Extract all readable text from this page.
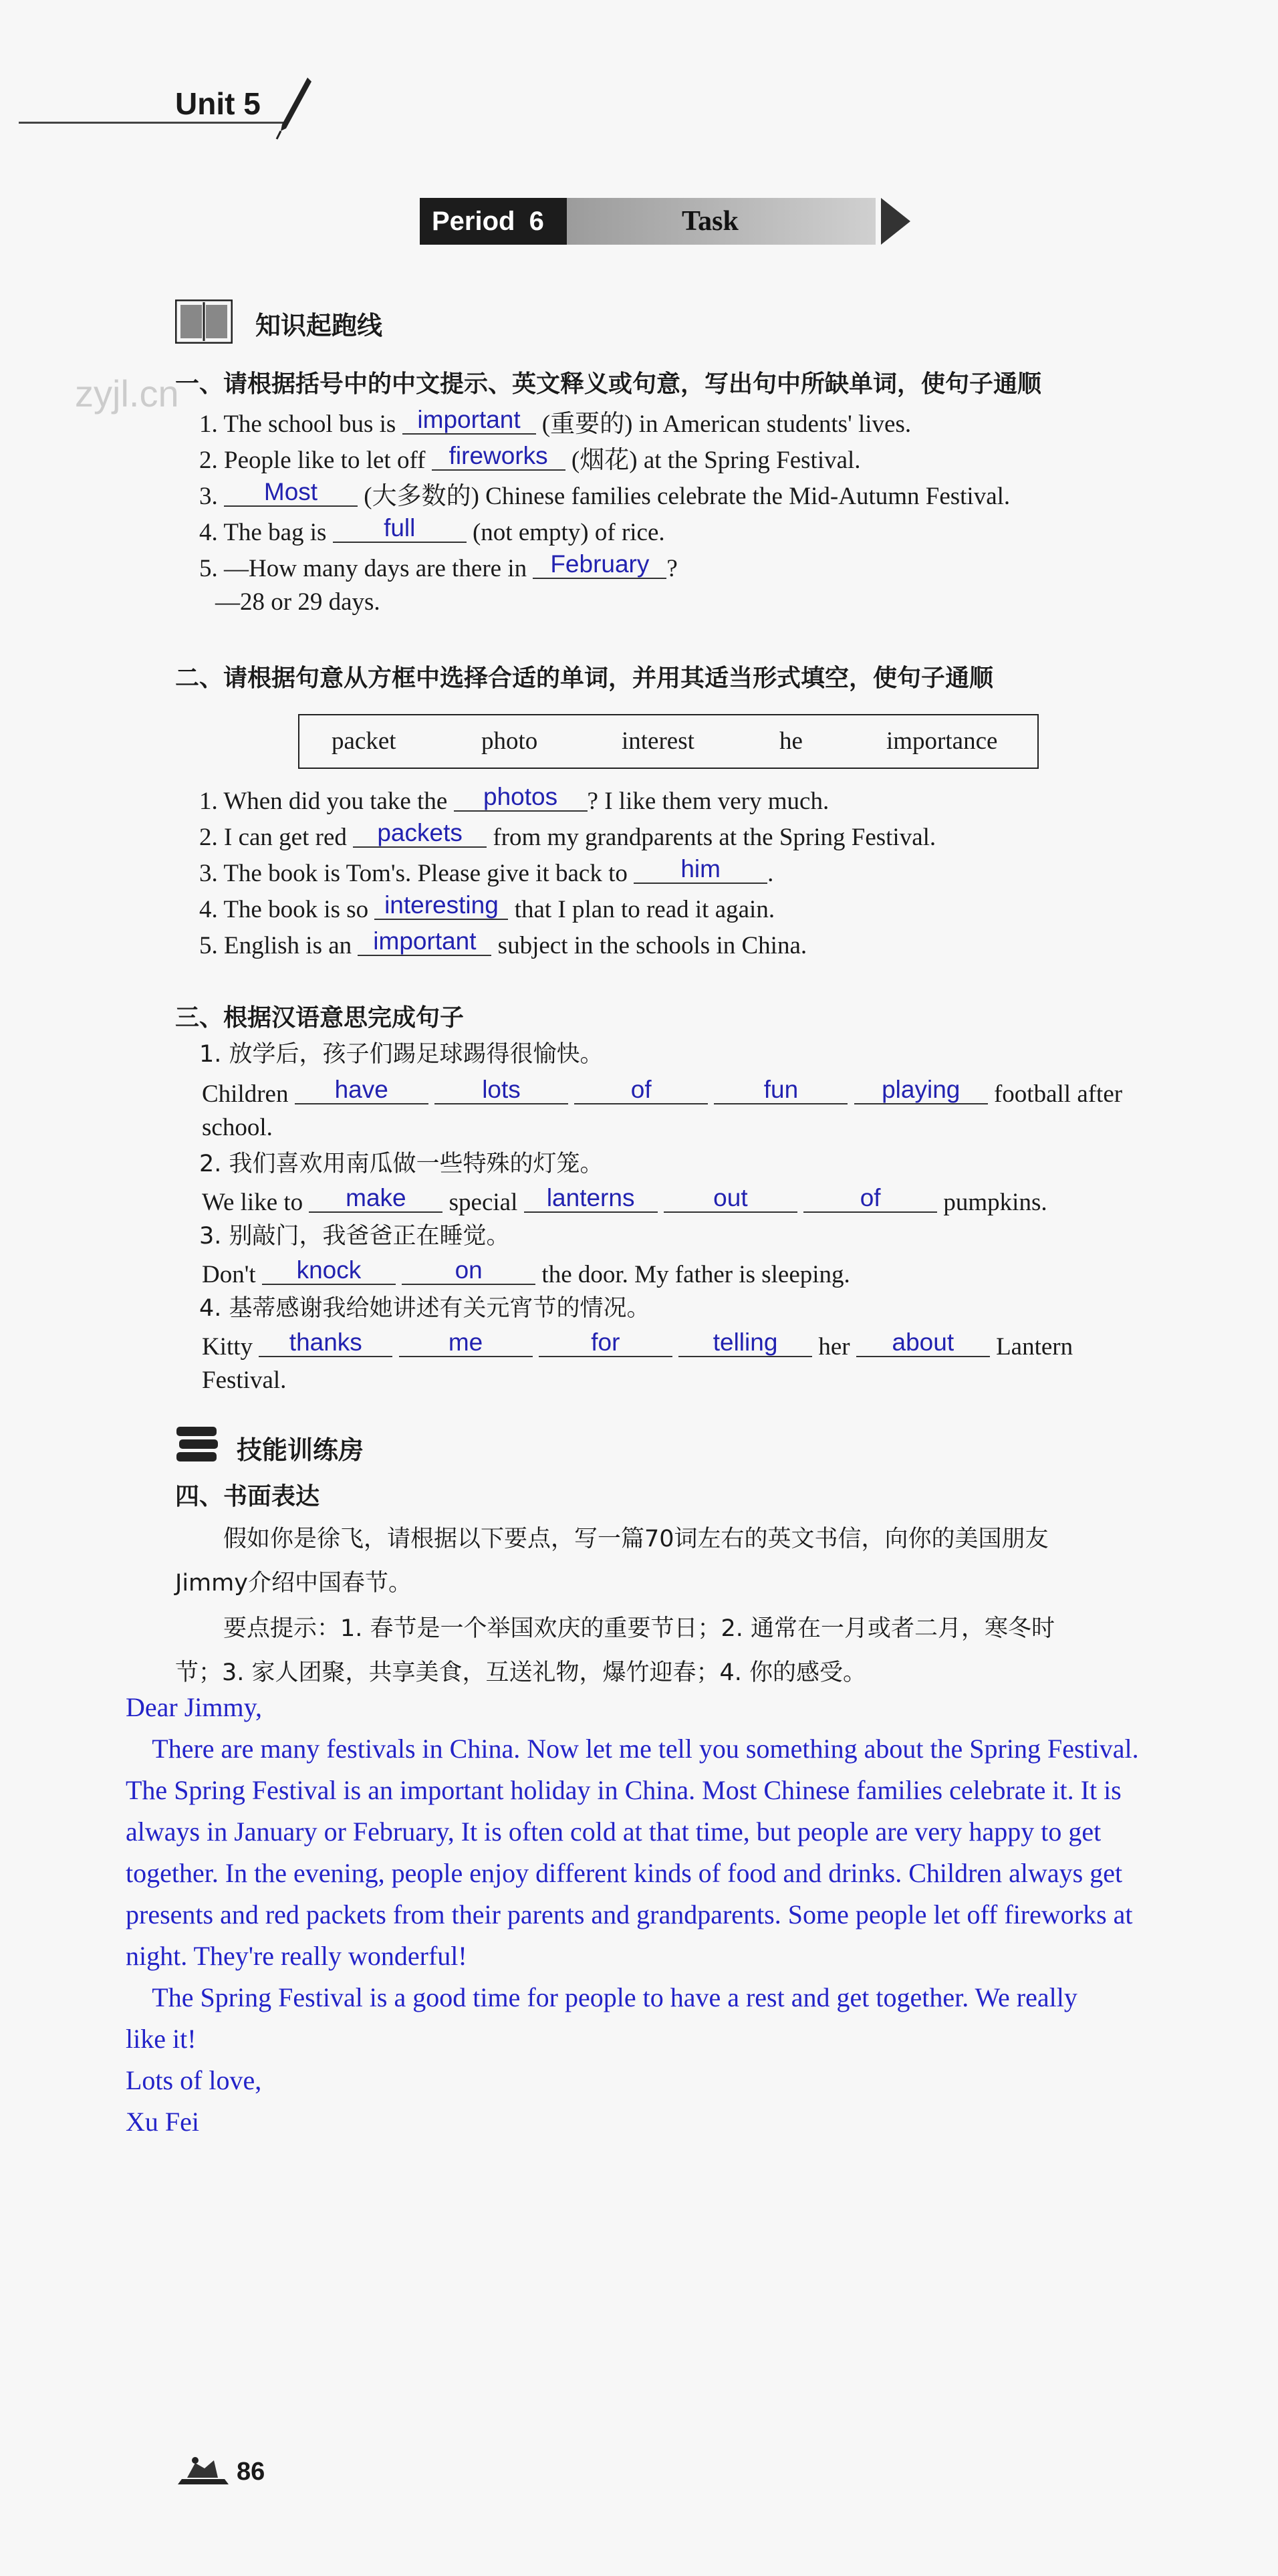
Unit 5
Period 6	Task
知识起跑线
zyjl.cn
一、请根据括号中的中文提示、英文释义或句意，写出句中所缺单词，使句子通顺
1. The school bus is important (重要的) in American students' lives.
2. People like to let off fireworks (烟花) at the Spring Festival.
3. Most (大多数的) Chinese families celebrate the Mid-Autumn Festival.
4. The bag is full (not empty) of rice.
5. —How many days are there in February ?
—28 or 29 days.
二、请根据句意从方框中选择合适的单词，并用其适当形式填空，使句子通顺
packet	photo	interest	he	importance
1. When did you take the photos ? I like them very much.
2. I can get red packets from my grandparents at the Spring Festival.
3. The book is Tom's. Please give it back to him .
4. The book is so interesting that I plan to read it again.
5. English is an important subject in the schools in China.
三、根据汉语意思完成句子
1. 放学后，孩子们踢足球踢得很愉快。
Children have	lots	of	fun	playing football after
school.
2. 我们喜欢用南瓜做一些特殊的灯笼。
We like to make special lanterns	out	of	pumpkins.
3. 别敲门，我爸爸正在睡觉。
Don't knock	on the door. My father is sleeping.
4. 基蒂感谢我给她讲述有关元宵节的情况。
Kitty thanks	me	for	telling her about Lantern
Festival.
技能训练房
四、书面表达
假如你是徐飞，请根据以下要点，写一篇70词左右的英文书信，向你的美国朋友
Jimmy介绍中国春节。
要点提示：1. 春节是一个举国欢庆的重要节日；2. 通常在一月或者二月，寒冬时
节；3. 家人团聚，共享美食，互送礼物，爆竹迎春；4. 你的感受。
Dear Jimmy,
There are many festivals in China. Now let me tell you something about the Spring Festival.
The Spring Festival is an important holiday in China. Most Chinese families celebrate it. It is
always in January or February, It is often cold at that time, but people are very happy to get
together. In the evening, people enjoy different kinds of food and drinks. Children always get
presents and red packets from their parents and grandparents. Some people let off fireworks at
night. They're really wonderful!
The Spring Festival is a good time for people to have a rest and get together. We really
like it!
Lots of love,
Xu Fei
86
